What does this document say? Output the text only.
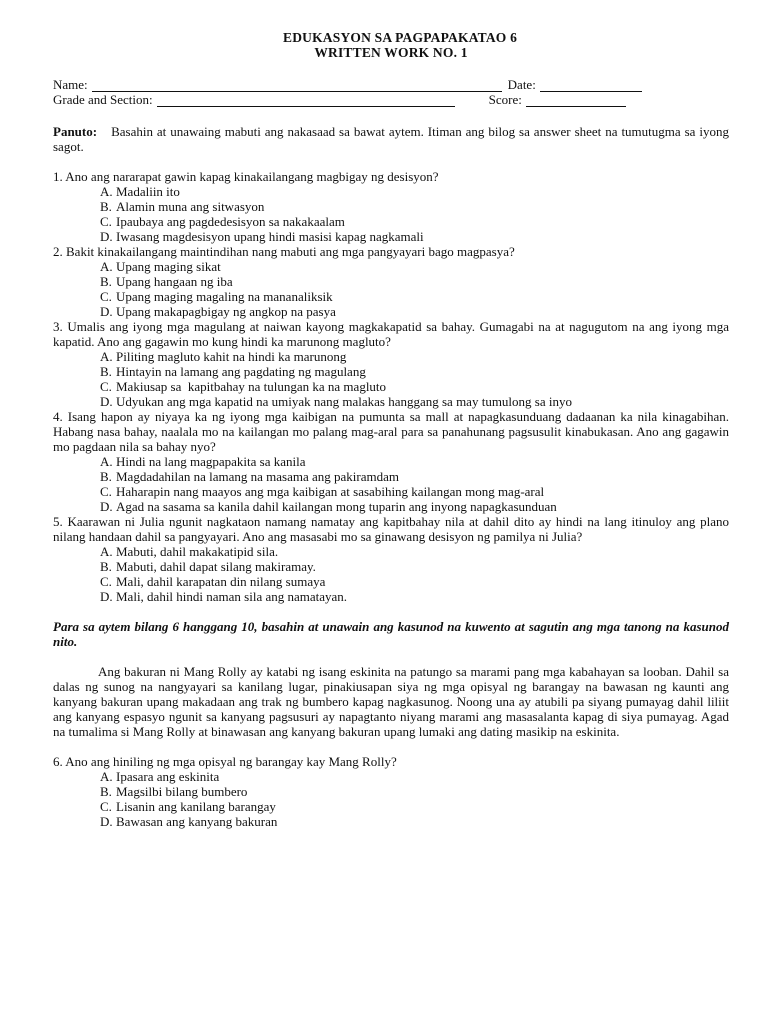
EDUKASYON SA PAGPAPAKATAO 6
WRITTEN WORK NO. 1
Name:	Date:
Grade and Section:	Score:
Panuto: Basahin at unawaing mabuti ang nakasaad sa bawat aytem. Itiman ang bilog sa answer sheet na tumutugma sa iyong sagot.
1. Ano ang nararapat gawin kapag kinakailangang magbigay ng desisyon?
A. Madaliin ito
B. Alamin muna ang sitwasyon
C. Ipaubaya ang pagdedesisyon sa nakakaalam
D. Iwasang magdesisyon upang hindi masisi kapag nagkamali
2. Bakit kinakailangang maintindihan nang mabuti ang mga pangyayari bago magpasya?
A. Upang maging sikat
B. Upang hangaan ng iba
C. Upang maging magaling na mananaliksik
D. Upang makapagbigay ng angkop na pasya
3. Umalis ang iyong mga magulang at naiwan kayong magkakapatid sa bahay. Gumagabi na at nagugutom na ang iyong mga kapatid. Ano ang gagawin mo kung hindi ka marunong magluto?
A. Piliting magluto kahit na hindi ka marunong
B. Hintayin na lamang ang pagdating ng magulang
C. Makiusap sa  kapitbahay na tulungan ka na magluto
D. Udyukan ang mga kapatid na umiyak nang malakas hanggang sa may tumulong sa inyo
4. Isang hapon ay niyaya ka ng iyong mga kaibigan na pumunta sa mall at napagkasunduang dadaanan ka nila kinagabihan. Habang nasa bahay, naalala mo na kailangan mo palang mag-aral para sa panahunang pagsusulit kinabukasan. Ano ang gagawin mo pagdaan nila sa bahay nyo?
A. Hindi na lang magpapakita sa kanila
B. Magdadahilan na lamang na masama ang pakiramdam
C. Haharapin nang maayos ang mga kaibigan at sasabihing kailangan mong mag-aral
D. Agad na sasama sa kanila dahil kailangan mong tuparin ang inyong napagkasunduan
5. Kaarawan ni Julia ngunit nagkataon namang namatay ang kapitbahay nila at dahil dito ay hindi na lang itinuloy ang plano nilang handaan dahil sa pangyayari. Ano ang masasabi mo sa ginawang desisyon ng pamilya ni Julia?
A. Mabuti, dahil makakatipid sila.
B. Mabuti, dahil dapat silang makiramay.
C. Mali, dahil karapatan din nilang sumaya
D. Mali, dahil hindi naman sila ang namatayan.
Para sa aytem bilang 6 hanggang 10, basahin at unawain ang kasunod na kuwento at sagutin ang mga tanong na kasunod nito.
Ang bakuran ni Mang Rolly ay katabi ng isang eskinita na patungo sa marami pang mga kabahayan sa looban. Dahil sa dalas ng sunog na nangyayari sa kanilang lugar, pinakiusapan siya ng mga opisyal ng barangay na bawasan ng kaunti ang kanyang bakuran upang makadaan ang trak ng bumbero kapag nagkasunog. Noong una ay atubili pa siyang pumayag dahil liliit ang kanyang espasyo ngunit sa kanyang pagsusuri ay napagtanto niyang marami ang masasalanta kapag di siya pumayag. Agad na tumalima si Mang Rolly at binawasan ang kanyang bakuran upang lumaki ang dating masikip na eskinita.
6. Ano ang hiniling ng mga opisyal ng barangay kay Mang Rolly?
A. Ipasara ang eskinita
B. Magsilbi bilang bumbero
C. Lisanin ang kanilang barangay
D. Bawasan ang kanyang bakuran
